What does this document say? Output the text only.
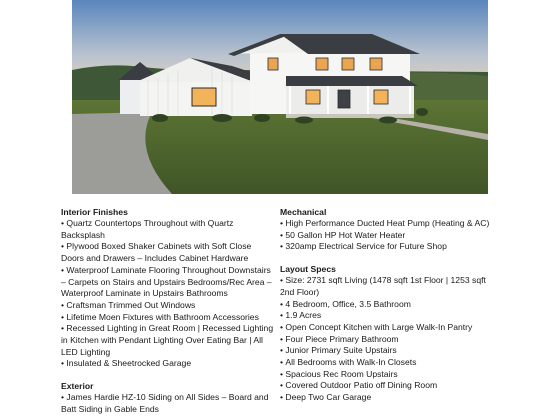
Interior Finishes
• Quartz Countertops Throughout with Quartz Backsplash
• Plywood Boxed Shaker Cabinets with Soft Close Doors and Drawers – Includes Cabinet Hardware
• Waterproof Laminate Flooring Throughout Downstairs – Carpets on Stairs and Upstairs Bedrooms/Rec Area – Waterproof Laminate in Upstairs Bathrooms
• Craftsman Trimmed Out Windows
• Lifetime Moen Fixtures with Bathroom Accessories
• Recessed Lighting in Great Room | Recessed Lighting in Kitchen with Pendant Lighting Over Eating Bar | All LED Lighting
• Insulated & Sheetrocked Garage
Exterior
• James Hardie HZ-10 Siding on All Sides – Board and Batt Siding in Gable Ends
Mechanical
• High Performance Ducted Heat Pump (Heating & AC)
• 50 Gallon HP Hot Water Heater
• 320amp Electrical Service for Future Shop
Layout Specs
• Size: 2731 sqft Living (1478 sqft 1st Floor | 1253 sqft 2nd Floor)
• 4 Bedroom, Office, 3.5 Bathroom
• 1.9 Acres
• Open Concept Kitchen with Large Walk-In Pantry
• Four Piece Primary Bathroom
• Junior Primary Suite Upstairs
• All Bedrooms with Walk-In Closets
• Spacious Rec Room Upstairs
• Covered Outdoor Patio off Dining Room
• Deep Two Car Garage
